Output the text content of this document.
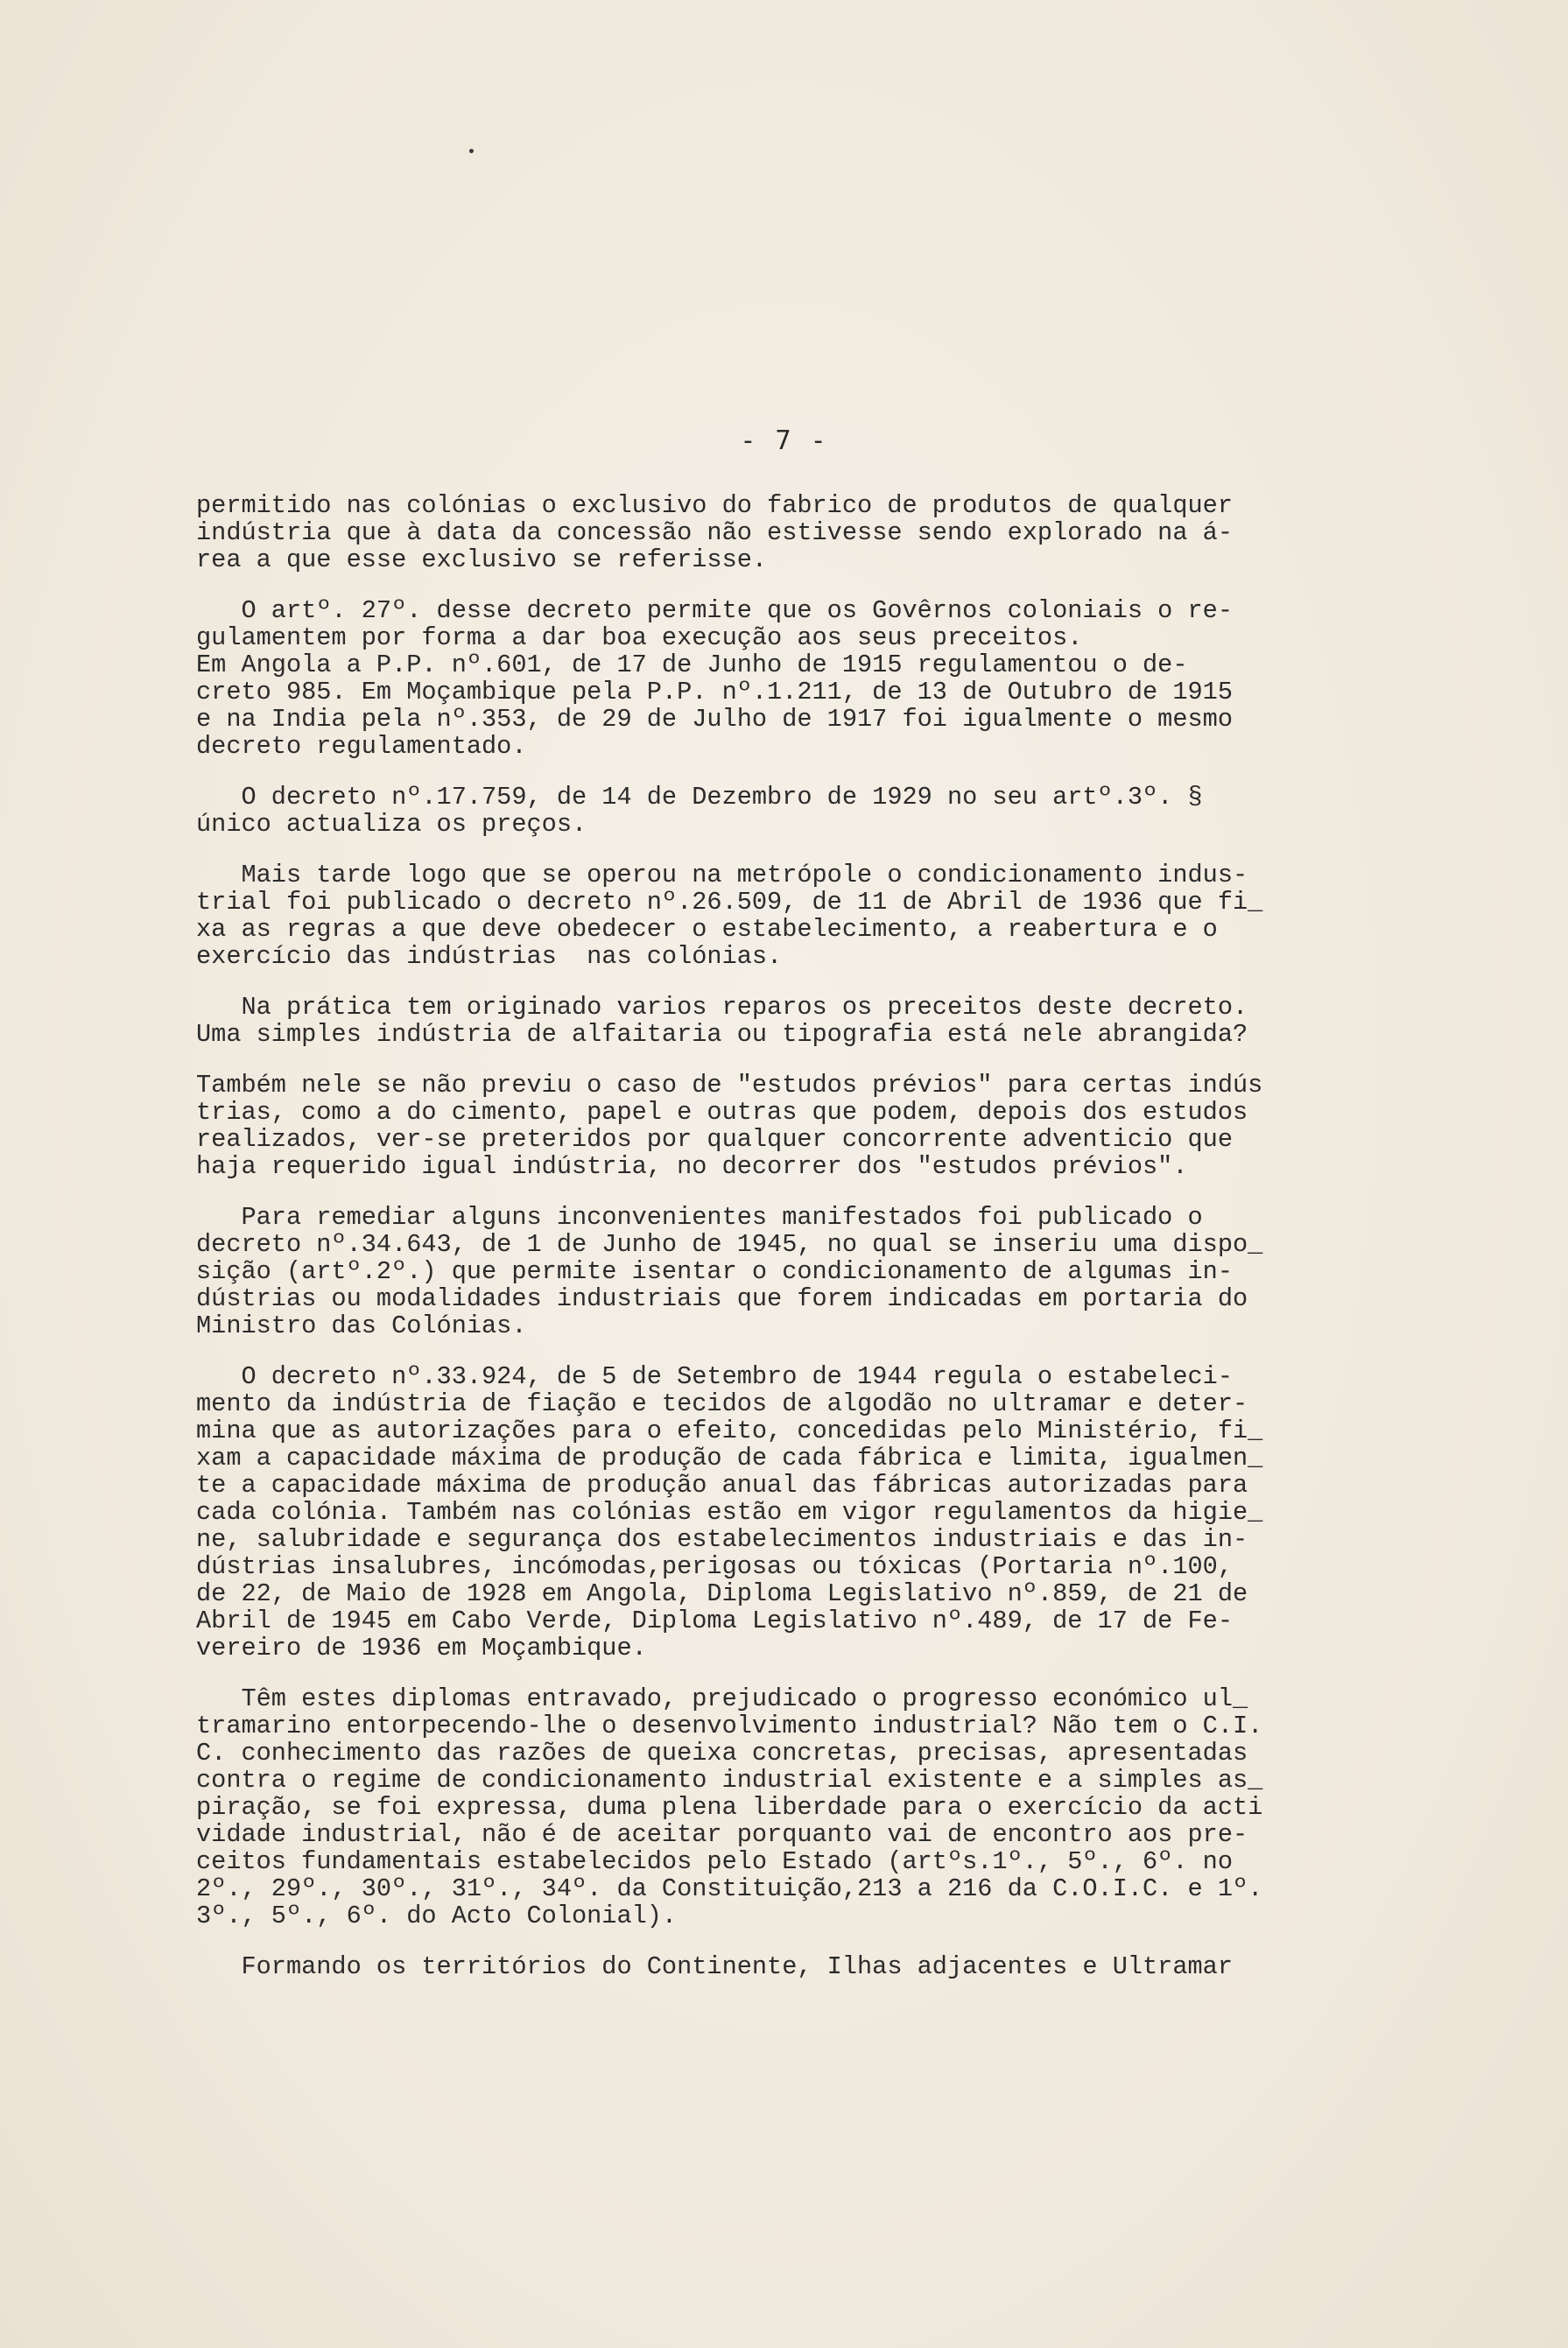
- 7 -
permitido nas colónias o exclusivo do fabrico de produtos de qualquer
indústria que à data da concessão não estivesse sendo explorado na á-
rea a que esse exclusivo se referisse.
O artº. 27º. desse decreto permite que os Govêrnos coloniais o re-
gulamentem por forma a dar boa execução aos seus preceitos.
Em Angola a P.P. nº.601, de 17 de Junho de 1915 regulamentou o de-
creto 985. Em Moçambique pela P.P. nº.1.211, de 13 de Outubro de 1915
e na India pela nº.353, de 29 de Julho de 1917 foi igualmente o mesmo
decreto regulamentado.
O decreto nº.17.759, de 14 de Dezembro de 1929 no seu artº.3º. §
único actualiza os preços.
Mais tarde logo que se operou na metrópole o condicionamento indus-
trial foi publicado o decreto nº.26.509, de 11 de Abril de 1936 que fi_
xa as regras a que deve obedecer o estabelecimento, a reabertura e o
exercício das indústrias  nas colónias.
Na prática tem originado varios reparos os preceitos deste decreto.
Uma simples indústria de alfaitaria ou tipografia está nele abrangida?
Também nele se não previu o caso de "estudos prévios" para certas indús
trias, como a do cimento, papel e outras que podem, depois dos estudos
realizados, ver-se preteridos por qualquer concorrente adventicio que
haja requerido igual indústria, no decorrer dos "estudos prévios".
Para remediar alguns inconvenientes manifestados foi publicado o
decreto nº.34.643, de 1 de Junho de 1945, no qual se inseriu uma dispo_
sição (artº.2º.) que permite isentar o condicionamento de algumas in-
dústrias ou modalidades industriais que forem indicadas em portaria do
Ministro das Colónias.
O decreto nº.33.924, de 5 de Setembro de 1944 regula o estabeleci-
mento da indústria de fiação e tecidos de algodão no ultramar e deter-
mina que as autorizações para o efeito, concedidas pelo Ministério, fi_
xam a capacidade máxima de produção de cada fábrica e limita, igualmen_
te a capacidade máxima de produção anual das fábricas autorizadas para
cada colónia. Também nas colónias estão em vigor regulamentos da higie_
ne, salubridade e segurança dos estabelecimentos industriais e das in-
dústrias insalubres, incómodas,perigosas ou tóxicas (Portaria nº.100,
de 22, de Maio de 1928 em Angola, Diploma Legislativo nº.859, de 21 de
Abril de 1945 em Cabo Verde, Diploma Legislativo nº.489, de 17 de Fe-
vereiro de 1936 em Moçambique.
Têm estes diplomas entravado, prejudicado o progresso económico ul_
tramarino entorpecendo-lhe o desenvolvimento industrial? Não tem o C.I.
C. conhecimento das razões de queixa concretas, precisas, apresentadas
contra o regime de condicionamento industrial existente e a simples as_
piração, se foi expressa, duma plena liberdade para o exercício da acti
vidade industrial, não é de aceitar porquanto vai de encontro aos pre-
ceitos fundamentais estabelecidos pelo Estado (artºs.1º., 5º., 6º. no
2º., 29º., 30º., 31º., 34º. da Constituição,213 a 216 da C.O.I.C. e 1º.
3º., 5º., 6º. do Acto Colonial).
Formando os territórios do Continente, Ilhas adjacentes e Ultramar
